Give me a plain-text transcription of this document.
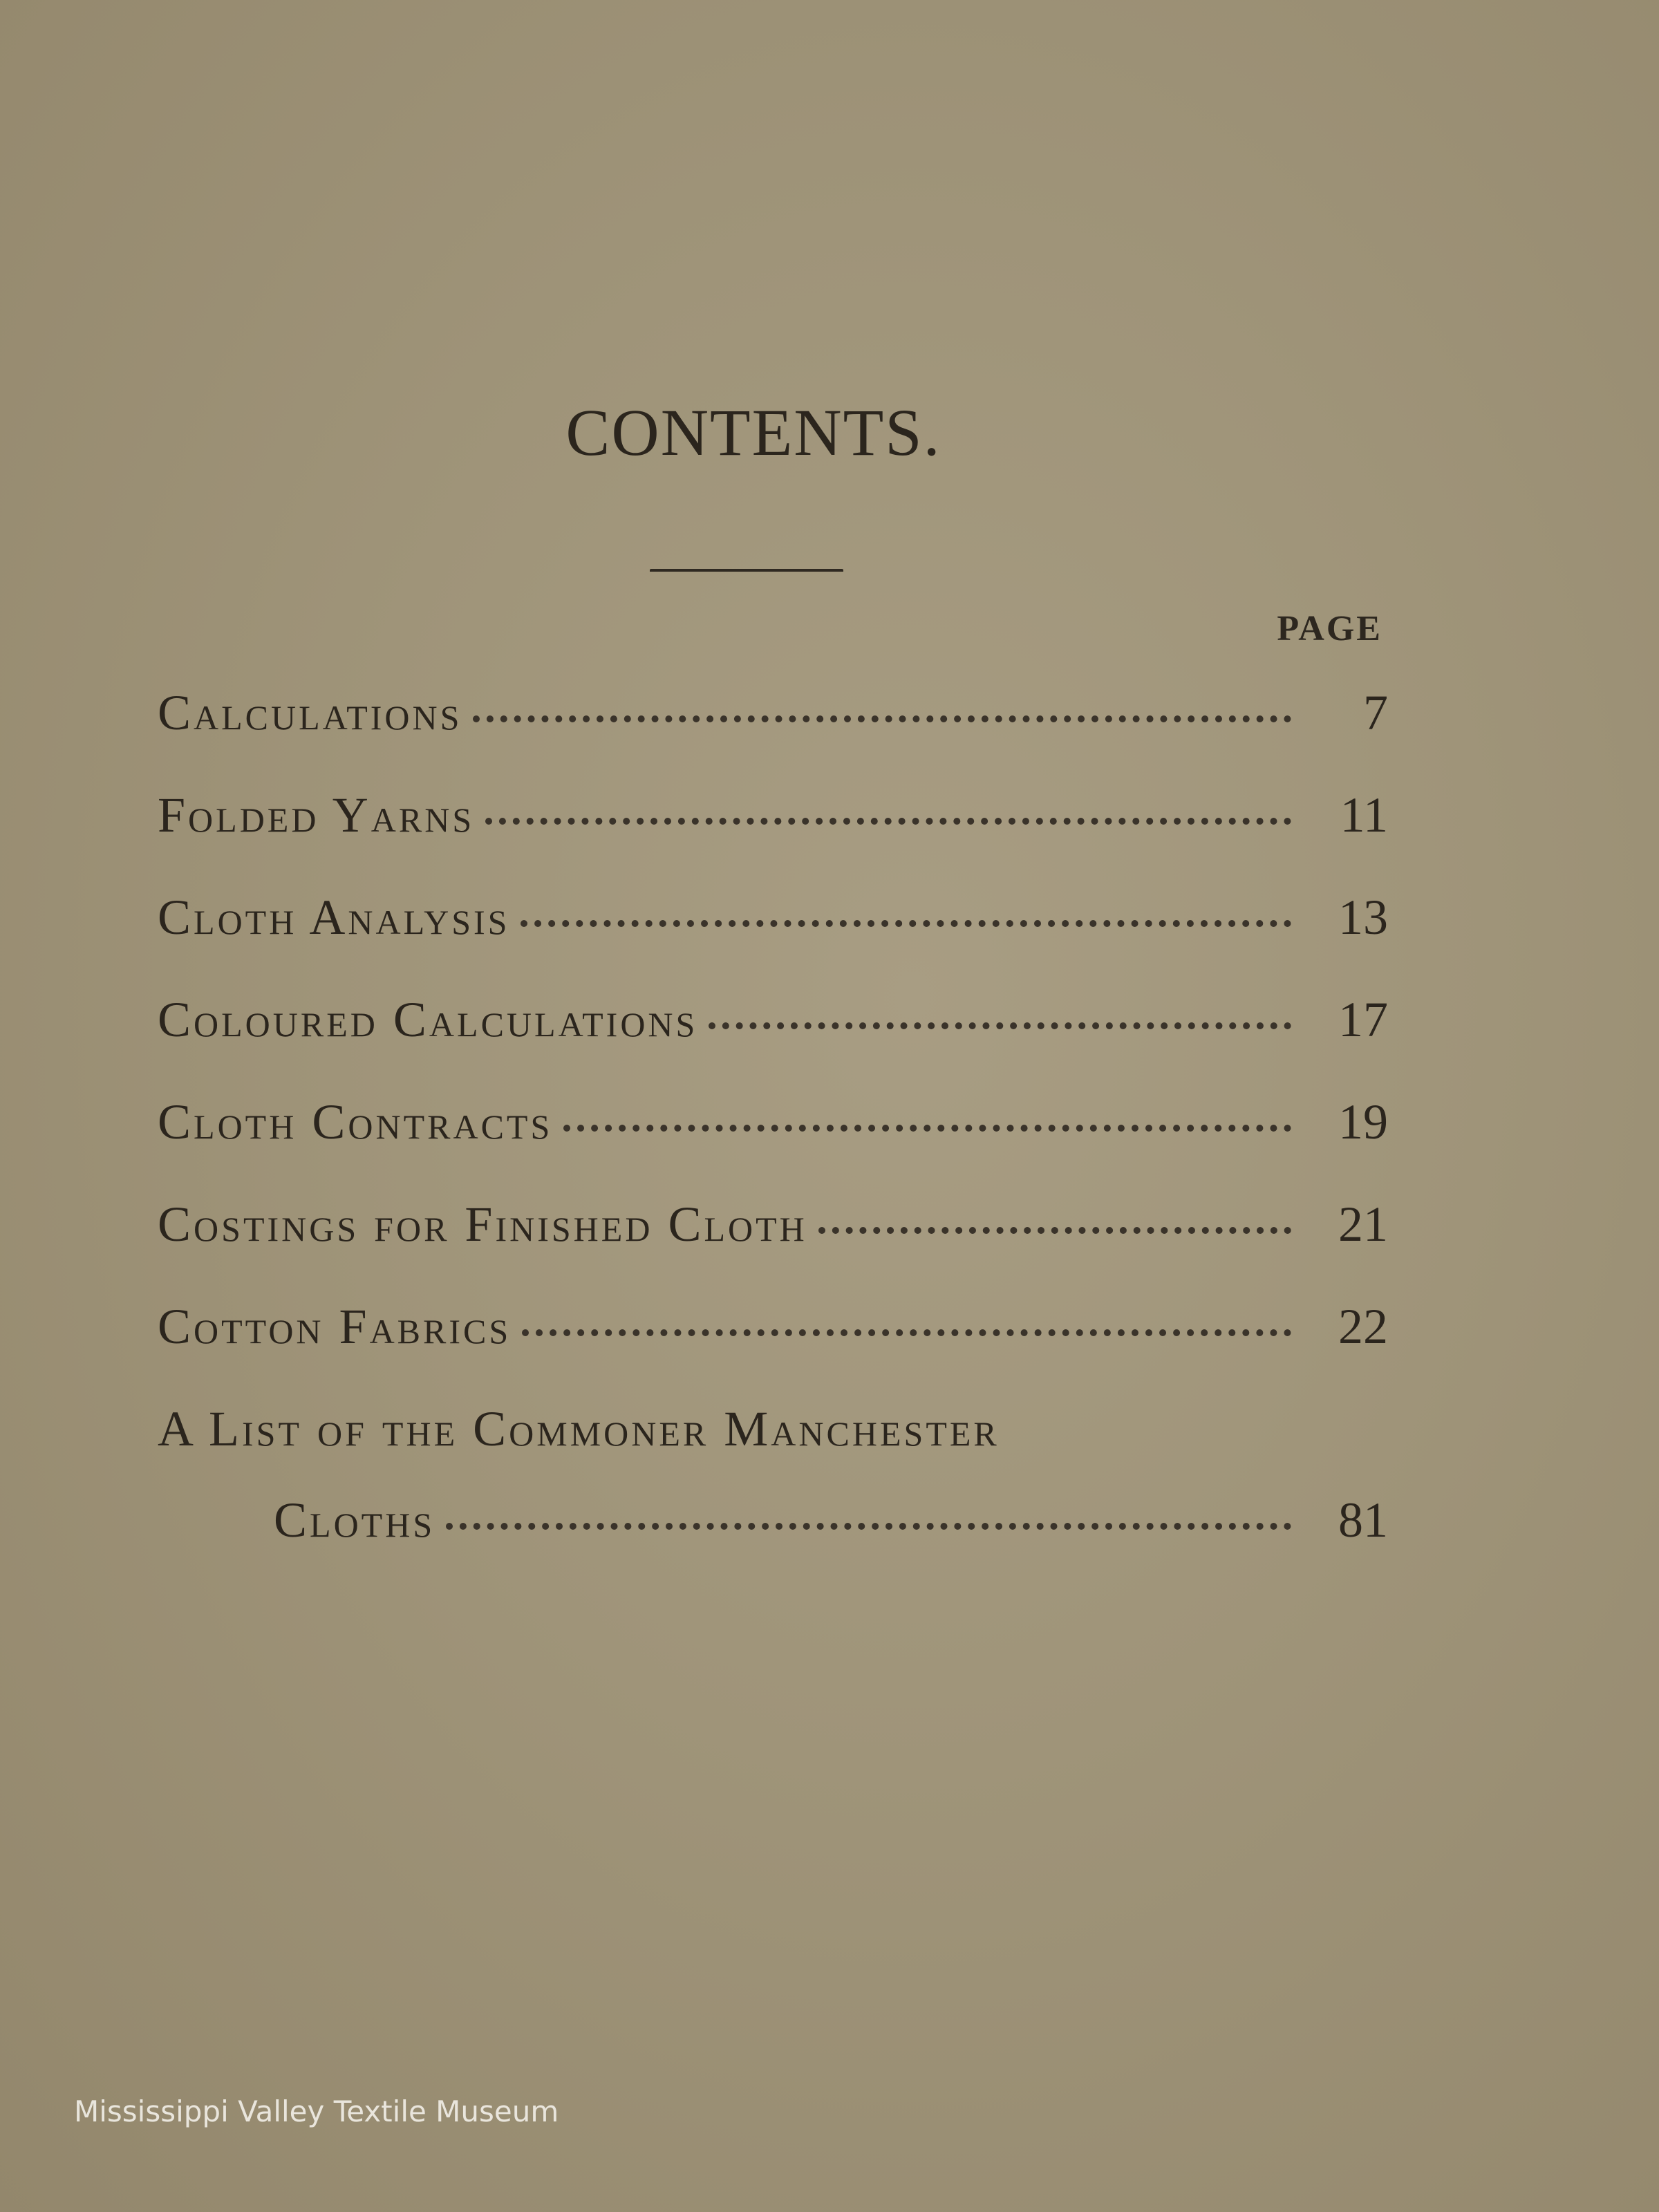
CONTENTS.
PAGE
Calculations	7
Folded Yarns	11
Cloth Analysis	13
Coloured Calculations	17
Cloth Contracts	19
Costings for Finished Cloth	21
Cotton Fabrics	22
A List of the Commoner Manchester
Cloths	81
Mississippi Valley Textile Museum
